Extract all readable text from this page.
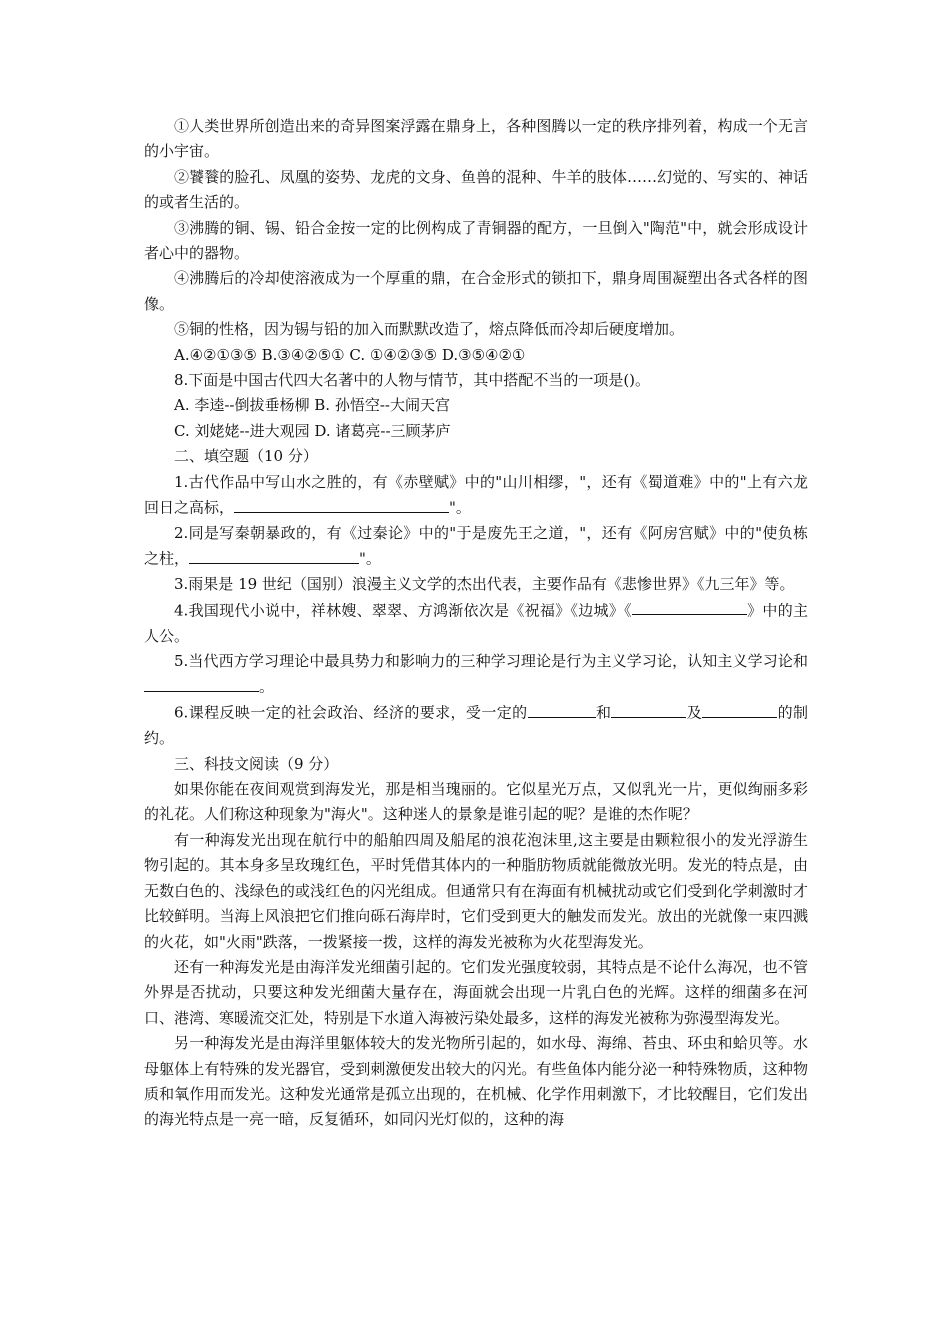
①人类世界所创造出来的奇异图案浮露在鼎身上，各种图腾以一定的秩序排列着，构成一个无言的小宇宙。

②饕餮的脸孔、凤凰的姿势、龙虎的文身、鱼兽的混种、牛羊的肢体……幻觉的、写实的、神话的或者生活的。

③沸腾的铜、锡、铅合金按一定的比例构成了青铜器的配方，一旦倒入"陶范"中，就会形成设计者心中的器物。

④沸腾后的冷却使溶液成为一个厚重的鼎，在合金形式的锁扣下，鼎身周围凝塑出各式各样的图像。

⑤铜的性格，因为锡与铅的加入而默默改造了，熔点降低而冷却后硬度增加。

A.④②①③⑤ B.③④②⑤① C. ①④②③⑤ D.③⑤④②①

8.下面是中国古代四大名著中的人物与情节，其中搭配不当的一项是()。

A. 李逵--倒拔垂杨柳 B. 孙悟空--大闹天宫

C. 刘姥姥--进大观园 D. 诸葛亮--三顾茅庐

二、填空题（10 分）

1.古代作品中写山水之胜的，有《赤壁赋》中的"山川相缪，"，还有《蜀道难》中的"上有六龙回日之高标，	"。

2.同是写秦朝暴政的，有《过秦论》中的"于是废先王之道，"，还有《阿房宫赋》中的"使负栋之柱，	"。

3.雨果是 19 世纪（国别）浪漫主义文学的杰出代表，主要作品有《悲惨世界》《九三年》等。

4.我国现代小说中，祥林嫂、翠翠、方鸿渐依次是《祝福》《边城》《	》中的主人公。

5.当代西方学习理论中最具势力和影响力的三种学习理论是行为主义学习论，认知主义学习论和。

6.课程反映一定的社会政治、经济的要求，受一定的	和	及	的制约。

三、科技文阅读（9 分）

如果你能在夜间观赏到海发光，那是相当瑰丽的。它似星光万点，又似乳光一片，更似绚丽多彩的礼花。人们称这种现象为"海火"。这种迷人的景象是谁引起的呢？是谁的杰作呢？

有一种海发光出现在航行中的船舶四周及船尾的浪花泡沫里,这主要是由颗粒很小的发光浮游生物引起的。其本身多呈玫瑰红色，平时凭借其体内的一种脂肪物质就能微放光明。发光的特点是，由无数白色的、浅绿色的或浅红色的闪光组成。但通常只有在海面有机械扰动或它们受到化学刺激时才比较鲜明。当海上风浪把它们推向砾石海岸时，它们受到更大的触发而发光。放出的光就像一束四溅的火花，如"火雨"跌落，一拨紧接一拨，这样的海发光被称为火花型海发光。

还有一种海发光是由海洋发光细菌引起的。它们发光强度较弱，其特点是不论什么海况，也不管外界是否扰动，只要这种发光细菌大量存在，海面就会出现一片乳白色的光辉。这样的细菌多在河口、港湾、寒暖流交汇处，特别是下水道入海被污染处最多，这样的海发光被称为弥漫型海发光。

另一种海发光是由海洋里躯体较大的发光物所引起的，如水母、海绵、苔虫、环虫和蛤贝等。水母躯体上有特殊的发光器官，受到刺激便发出较大的闪光。有些鱼体内能分泌一种特殊物质，这种物质和氧作用而发光。这种发光通常是孤立出现的，在机械、化学作用刺激下，才比较醒目，它们发出的海光特点是一亮一暗，反复循环，如同闪光灯似的，这种的海
